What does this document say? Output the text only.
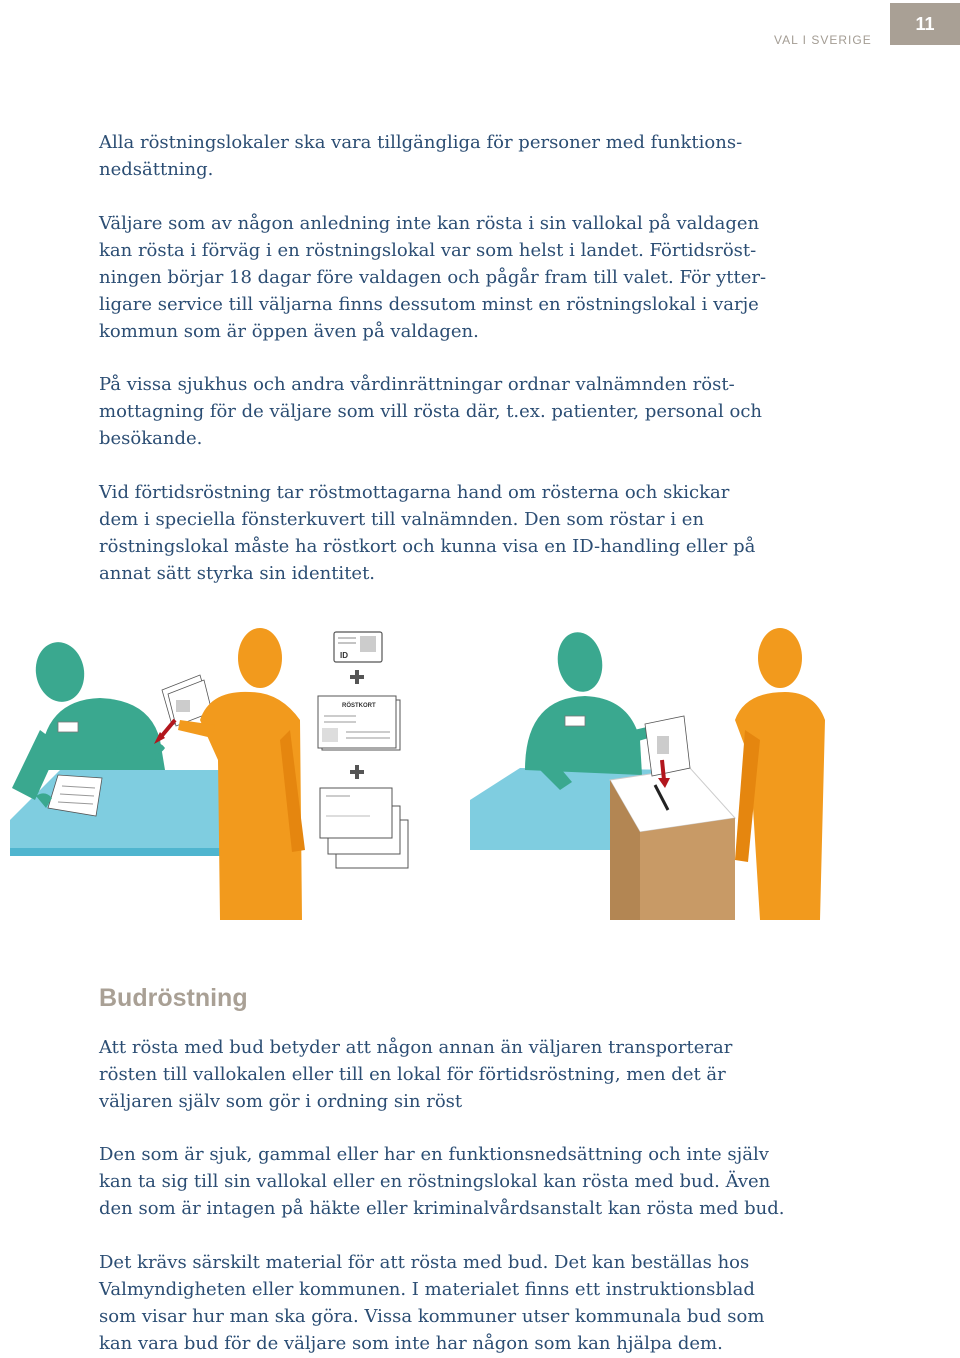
VAL I SVERIGE
11

Alla röstningslokaler ska vara tillgängliga för personer med funktions-
nedsättning.

Väljare som av någon anledning inte kan rösta i sin vallokal på valdagen
kan rösta i förväg i en röstningslokal var som helst i landet. Förtidsröst-
ningen börjar 18 dagar före valdagen och pågår fram till valet. För ytter-
ligare service till väljarna finns dessutom minst en röstningslokal i varje
kommun som är öppen även på valdagen.

På vissa sjukhus och andra vårdinrättningar ordnar valnämnden röst-
mottagning för de väljare som vill rösta där, t.ex. patienter, personal och
besökande.

Vid förtidsröstning tar röstmottagarna hand om rösterna och skickar
dem i speciella fönsterkuvert till valnämnden. Den som röstar i en
röstningslokal måste ha röstkort och kunna visa en ID-handling eller på
annat sätt styrka sin identitet.

ID
RÖSTKORT
Budröstning

Att rösta med bud betyder att någon annan än väljaren transporterar
rösten till vallokalen eller till en lokal för förtidsröstning, men det är
väljaren själv som gör i ordning sin röst

Den som är sjuk, gammal eller har en funktionsnedsättning och inte själv
kan ta sig till sin vallokal eller en röstningslokal kan rösta med bud. Även
den som är intagen på häkte eller kriminalvårdsanstalt kan rösta med bud.

Det krävs särskilt material för att rösta med bud. Det kan beställas hos
Valmyndigheten eller kommunen. I materialet finns ett instruktionsblad
som visar hur man ska göra. Vissa kommuner utser kommunala bud som
kan vara bud för de väljare som inte har någon som kan hjälpa dem.
